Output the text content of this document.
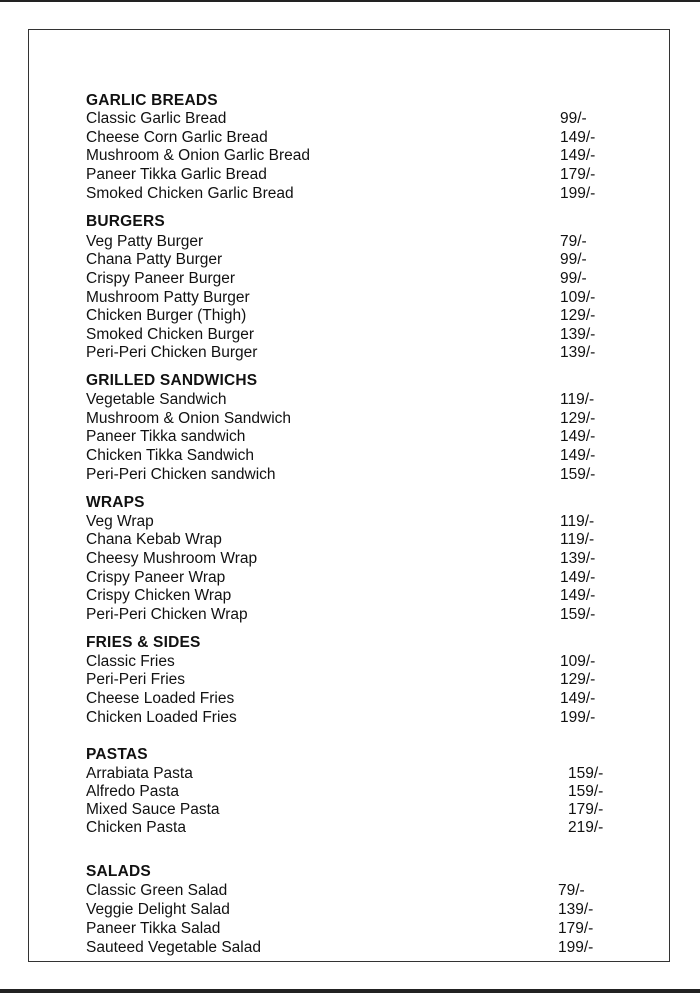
GARLIC BREADS
Classic Garlic Bread	99/-
Cheese Corn Garlic Bread	149/-
Mushroom & Onion Garlic Bread	149/-
Paneer Tikka Garlic Bread	179/-
Smoked Chicken Garlic Bread	199/-
BURGERS
Veg Patty Burger	79/-
Chana Patty Burger	99/-
Crispy Paneer Burger	99/-
Mushroom Patty Burger	109/-
Chicken Burger (Thigh)	129/-
Smoked Chicken Burger	139/-
Peri-Peri Chicken Burger	139/-
GRILLED SANDWICHS
Vegetable Sandwich	119/-
Mushroom & Onion Sandwich	129/-
Paneer Tikka sandwich	149/-
Chicken Tikka Sandwich	149/-
Peri-Peri Chicken sandwich	159/-
WRAPS
Veg Wrap	119/-
Chana Kebab Wrap	119/-
Cheesy Mushroom Wrap	139/-
Crispy Paneer Wrap	149/-
Crispy Chicken Wrap	149/-
Peri-Peri Chicken Wrap	159/-
FRIES & SIDES
Classic Fries	109/-
Peri-Peri Fries	129/-
Cheese Loaded Fries	149/-
Chicken Loaded Fries	199/-
PASTAS
Arrabiata Pasta	159/-
Alfredo Pasta	159/-
Mixed Sauce Pasta	179/-
Chicken Pasta	219/-
SALADS
Classic Green Salad	79/-
Veggie Delight Salad	139/-
Paneer Tikka Salad	179/-
Sauteed Vegetable Salad	199/-
